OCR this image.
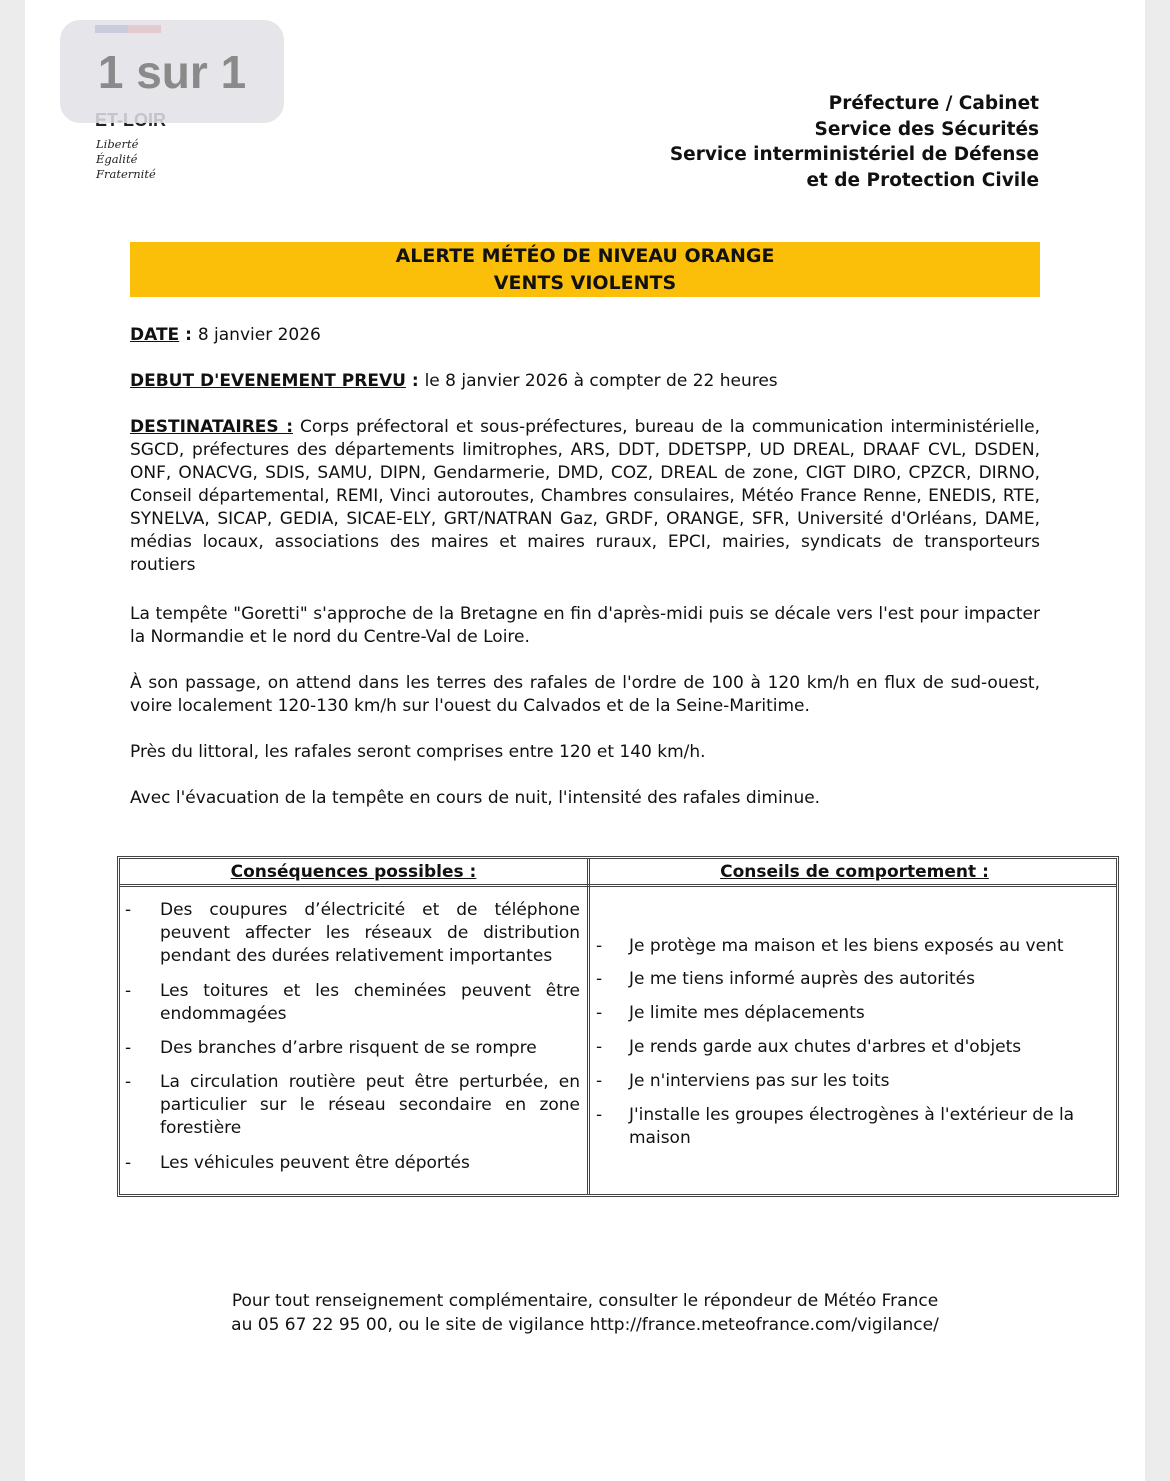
1 sur 1
Liberté
Égalité
Fraternité
Préfecture / Cabinet
Service des Sécurités
Service interministériel de Défense
et de Protection Civile
ALERTE MÉTÉO DE NIVEAU ORANGE
VENTS VIOLENTS
DATE : 8 janvier 2026
DEBUT D'EVENEMENT PREVU : le 8 janvier 2026 à compter de 22 heures
DESTINATAIRES : Corps préfectoral et sous-préfectures, bureau de la communication interministérielle, SGCD, préfectures des départements limitrophes, ARS, DDT, DDETSPP, UD DREAL, DRAAF CVL, DSDEN, ONF, ONACVG, SDIS, SAMU, DIPN, Gendarmerie, DMD, COZ, DREAL de zone, CIGT DIRO, CPZCR, DIRNO, Conseil départemental, REMI, Vinci autoroutes, Chambres consulaires, Météo France Renne, ENEDIS, RTE, SYNELVA, SICAP, GEDIA, SICAE-ELY, GRT/NATRAN Gaz, GRDF, ORANGE, SFR, Université d'Orléans, DAME, médias locaux, associations des maires et maires ruraux, EPCI, mairies, syndicats de transporteurs routiers
La tempête "Goretti" s'approche de la Bretagne en fin d'après-midi puis se décale vers l'est pour impacter la Normandie et le nord du Centre-Val de Loire.
À son passage, on attend dans les terres des rafales de l'ordre de 100 à 120 km/h en flux de sud-ouest, voire localement 120-130 km/h sur l'ouest du Calvados et de la Seine-Maritime.
Près du littoral, les rafales seront comprises entre 120 et 140 km/h.
Avec l'évacuation de la tempête en cours de nuit, l'intensité des rafales diminue.
Conséquences possibles :	Conseils de comportement :
- Des coupures d’électricité et de téléphone peuvent affecter les réseaux de distribution pendant des durées relativement importantes
- Les toitures et les cheminées peuvent être endommagées
- Des branches d’arbre risquent de se rompre
- La circulation routière peut être perturbée, en particulier sur le réseau secondaire en zone forestière
- Les véhicules peuvent être déportés
- Je protège ma maison et les biens exposés au vent
- Je me tiens informé auprès des autorités
- Je limite mes déplacements
- Je rends garde aux chutes d'arbres et d'objets
- Je n'interviens pas sur les toits
- J'installe les groupes électrogènes à l'extérieur de la maison
Pour tout renseignement complémentaire, consulter le répondeur de Météo France
au 05 67 22 95 00, ou le site de vigilance http://france.meteofrance.com/vigilance/
